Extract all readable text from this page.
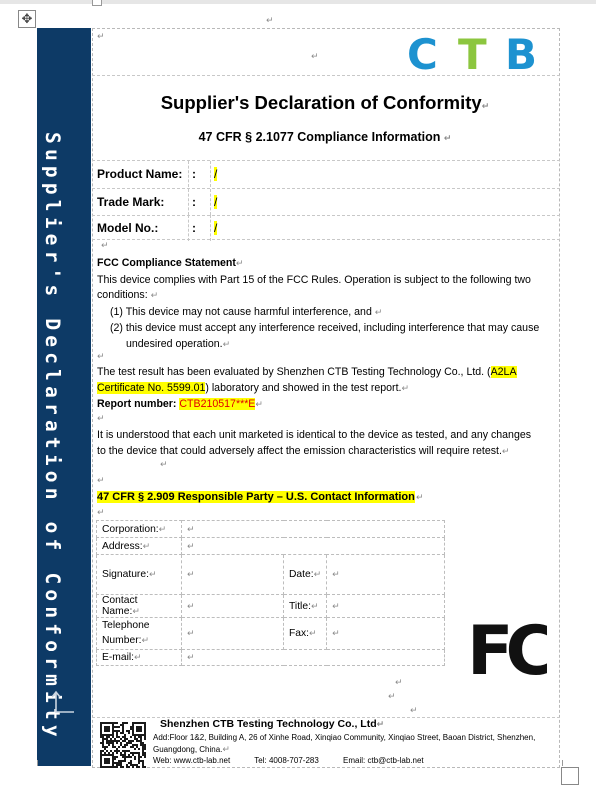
✥	↵
Supplier's Declaration of Conformity
↵
↵ C T B
Supplier's Declaration of Conformity↵
47 CFR § 2.1077 Compliance Information ↵
Product Name: : /
Trade Mark: : /
Model No.:	: /
↵
FCC Compliance Statement↵
This device complies with Part 15 of the FCC Rules. Operation is subject to the following two
conditions: ↵
(1) This device may not cause harmful interference, and ↵
(2) this device must accept any interference received, including interference that may cause
undesired operation.↵
↵
The test result has been evaluated by Shenzhen CTB Testing Technology Co., Ltd. (A2LA
Certificate No. 5599.01) laboratory and showed in the test report.↵
Report number: CTB210517***E↵
↵
It is understood that each unit marketed is identical to the device as tested, and any changes
to the device that could adversely affect the emission characteristics will require retest.↵
↵
↵
47 CFR § 2.909 Responsible Party – U.S. Contact Information ↵
↵
Corporation:↵	↵		
Address:↵	↵		
Signature:↵	↵	Date:↵	↵
Contact Name:↵	↵	Title:↵	↵
Telephone
Number:↵	↵	Fax:↵	↵
E-mail:↵	↵			FC
↵
↵
↵
Shenzhen CTB Testing Technology Co., Ltd↵
Add:Floor 1&2, Building A, 26 of Xinhe Road, Xinqiao Community, Xinqiao Street, Baoan District, Shenzhen,
Guangdong, China.↵
Web: www.ctb-lab.net	Tel: 4008-707-283	Email: ctb@ctb-lab.net
